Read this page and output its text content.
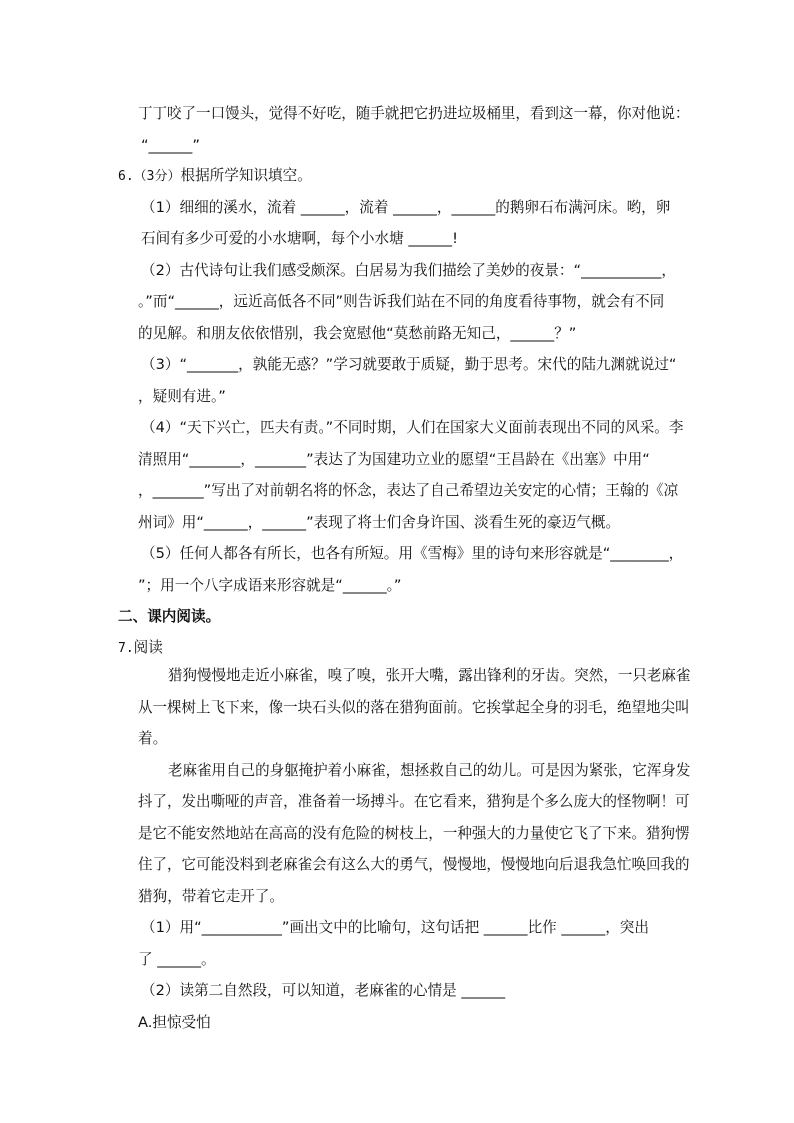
丁丁咬了一口馒头，觉得不好吃，随手就把它扔进垃圾桶里，看到这一幕，你对他说：
“______”
6.（3分）根据所学知识填空。
（1）细细的溪水，流着 ______，流着 ______，______的鹅卵石布满河床。哟，卵
石间有多少可爱的小水塘啊，每个小水塘 ______!
（2）古代诗句让我们感受颇深。白居易为我们描绘了美妙的夜景：“___________，
。”而“______，远近高低各不同”则告诉我们站在不同的角度看待事物，就会有不同
的见解。和朋友依依惜别，我会宽慰他“莫愁前路无知己，______？”
（3）“_______，孰能无惑？”学习就要敢于质疑，勤于思考。宋代的陆九渊就说过“
，疑则有进。”
（4）“天下兴亡，匹夫有责。”不同时期，人们在国家大义面前表现出不同的风采。李
清照用“_______，_______”表达了为国建功立业的愿望“王昌龄在《出塞》中用“
，_______”写出了对前朝名将的怀念，表达了自己希望边关安定的心情；王翰的《凉
州词》用“______，______”表现了将士们舍身许国、淡看生死的豪迈气概。
（5）任何人都各有所长，也各有所短。用《雪梅》里的诗句来形容就是“________，
”；用一个八字成语来形容就是“______。”
二、课内阅读。
7.阅读
猎狗慢慢地走近小麻雀，嗅了嗅，张开大嘴，露出锋利的牙齿。突然，一只老麻雀
从一棵树上飞下来，像一块石头似的落在猎狗面前。它挨掌起全身的羽毛，绝望地尖叫
着。
老麻雀用自己的身躯掩护着小麻雀，想拯救自己的幼儿。可是因为紧张，它浑身发
抖了，发出嘶哑的声音，准备着一场搏斗。在它看来，猎狗是个多么庞大的怪物啊！可
是它不能安然地站在高高的没有危险的树枝上，一种强大的力量使它飞了下来。猎狗愣
住了，它可能没料到老麻雀会有这么大的勇气，慢慢地，慢慢地向后退我急忙唤回我的
猎狗，带着它走开了。
（1）用“___________”画出文中的比喻句，这句话把 ______比作 ______，突出
了 ______。
（2）读第二自然段，可以知道，老麻雀的心情是 ______
A.担惊受怕
